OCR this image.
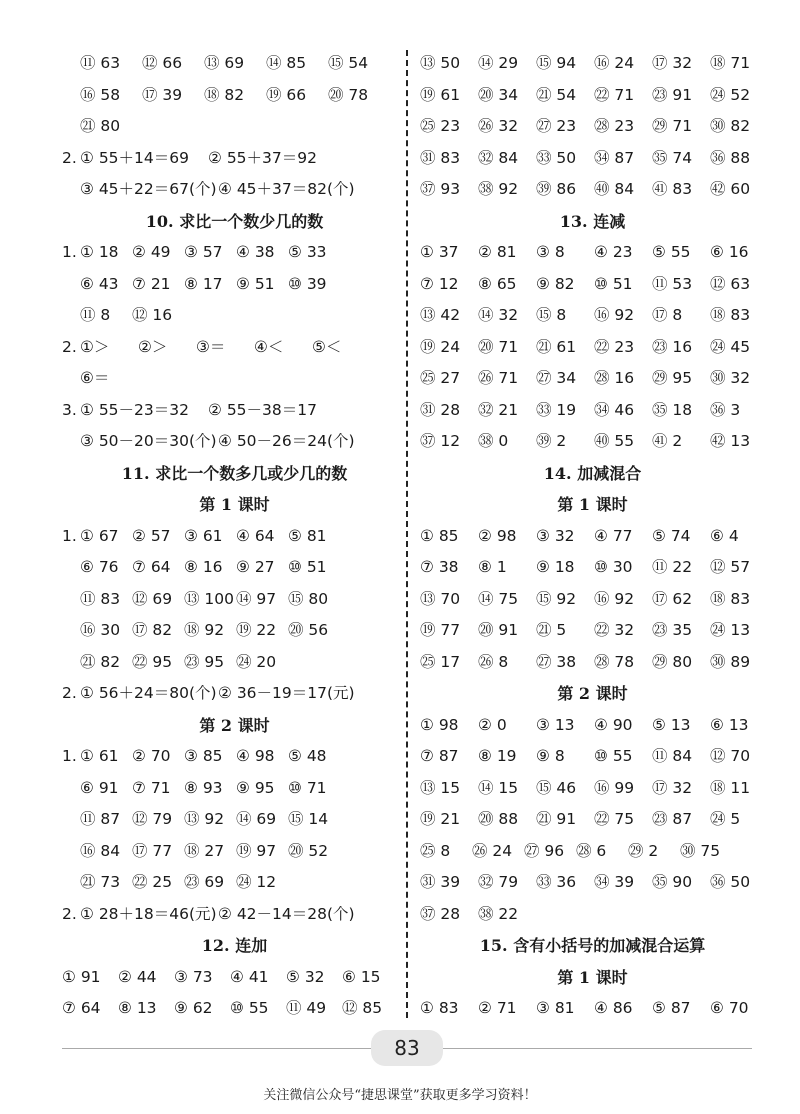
⑪ 63 ⑫ 66 ⑬ 69 ⑭ 85 ⑮ 54
⑯ 58 ⑰ 39 ⑱ 82 ⑲ 66 ⑳ 78
㉑ 80
2. ① 55＋14＝69 ② 55＋37＝92
③ 45＋22＝67(个) ④ 45＋37＝82(个)
10. 求比一个数少几的数
1. ① 18 ② 49 ③ 57 ④ 38 ⑤ 33
⑥ 43 ⑦ 21 ⑧ 17 ⑨ 51 ⑩ 39
⑪ 8 ⑫ 16
2. ①＞ ②＞ ③＝ ④＜ ⑤＜
⑥＝
3. ① 55－23＝32 ② 55－38＝17
③ 50－20＝30(个) ④ 50－26＝24(个)
11. 求比一个数多几或少几的数
第 1 课时
1. ① 67 ② 57 ③ 61 ④ 64 ⑤ 81
⑥ 76 ⑦ 64 ⑧ 16 ⑨ 27 ⑩ 51
⑪ 83 ⑫ 69 ⑬ 100 ⑭ 97 ⑮ 80
⑯ 30 ⑰ 82 ⑱ 92 ⑲ 22 ⑳ 56
㉑ 82 ㉒ 95 ㉓ 95 ㉔ 20
2. ① 56＋24＝80(个) ② 36－19＝17(元)
第 2 课时
1. ① 61 ② 70 ③ 85 ④ 98 ⑤ 48
⑥ 91 ⑦ 71 ⑧ 93 ⑨ 95 ⑩ 71
⑪ 87 ⑫ 79 ⑬ 92 ⑭ 69 ⑮ 14
⑯ 84 ⑰ 77 ⑱ 27 ⑲ 97 ⑳ 52
㉑ 73 ㉒ 25 ㉓ 69 ㉔ 12
2. ① 28＋18＝46(元) ② 42－14＝28(个)
12. 连加
① 91 ② 44 ③ 73 ④ 41 ⑤ 32 ⑥ 15
⑦ 64 ⑧ 13 ⑨ 62 ⑩ 55 ⑪ 49 ⑫ 85
⑬ 50 ⑭ 29 ⑮ 94 ⑯ 24 ⑰ 32 ⑱ 71
⑲ 61 ⑳ 34 ㉑ 54 ㉒ 71 ㉓ 91 ㉔ 52
㉕ 23 ㉖ 32 ㉗ 23 ㉘ 23 ㉙ 71 ㉚ 82
㉛ 83 ㉜ 84 ㉝ 50 ㉞ 87 ㉟ 74 ㊱ 88
㊲ 93 ㊳ 92 ㊴ 86 ㊵ 84 ㊶ 83 ㊷ 60
13. 连减
① 37 ② 81 ③ 8 ④ 23 ⑤ 55 ⑥ 16
⑦ 12 ⑧ 65 ⑨ 82 ⑩ 51 ⑪ 53 ⑫ 63
⑬ 42 ⑭ 32 ⑮ 8 ⑯ 92 ⑰ 8 ⑱ 83
⑲ 24 ⑳ 71 ㉑ 61 ㉒ 23 ㉓ 16 ㉔ 45
㉕ 27 ㉖ 71 ㉗ 34 ㉘ 16 ㉙ 95 ㉚ 32
㉛ 28 ㉜ 21 ㉝ 19 ㉞ 46 ㉟ 18 ㊱ 3
㊲ 12 ㊳ 0 ㊴ 2 ㊵ 55 ㊶ 2 ㊷ 13
14. 加减混合
第 1 课时
① 85 ② 98 ③ 32 ④ 77 ⑤ 74 ⑥ 4
⑦ 38 ⑧ 1 ⑨ 18 ⑩ 30 ⑪ 22 ⑫ 57
⑬ 70 ⑭ 75 ⑮ 92 ⑯ 92 ⑰ 62 ⑱ 83
⑲ 77 ⑳ 91 ㉑ 5 ㉒ 32 ㉓ 35 ㉔ 13
㉕ 17 ㉖ 8 ㉗ 38 ㉘ 78 ㉙ 80 ㉚ 89
第 2 课时
① 98 ② 0 ③ 13 ④ 90 ⑤ 13 ⑥ 13
⑦ 87 ⑧ 19 ⑨ 8 ⑩ 55 ⑪ 84 ⑫ 70
⑬ 15 ⑭ 15 ⑮ 46 ⑯ 99 ⑰ 32 ⑱ 11
⑲ 21 ⑳ 88 ㉑ 91 ㉒ 75 ㉓ 87 ㉔ 5
㉕ 8 ㉖ 24 ㉗ 96 ㉘ 6 ㉙ 2 ㉚ 75
㉛ 39 ㉜ 79 ㉝ 36 ㉞ 39 ㉟ 90 ㊱ 50
㊲ 28 ㊳ 22
15. 含有小括号的加减混合运算
第 1 课时
① 83 ② 71 ③ 81 ④ 86 ⑤ 87 ⑥ 70
83
关注微信公众号“捷思课堂”获取更多学习资料！
